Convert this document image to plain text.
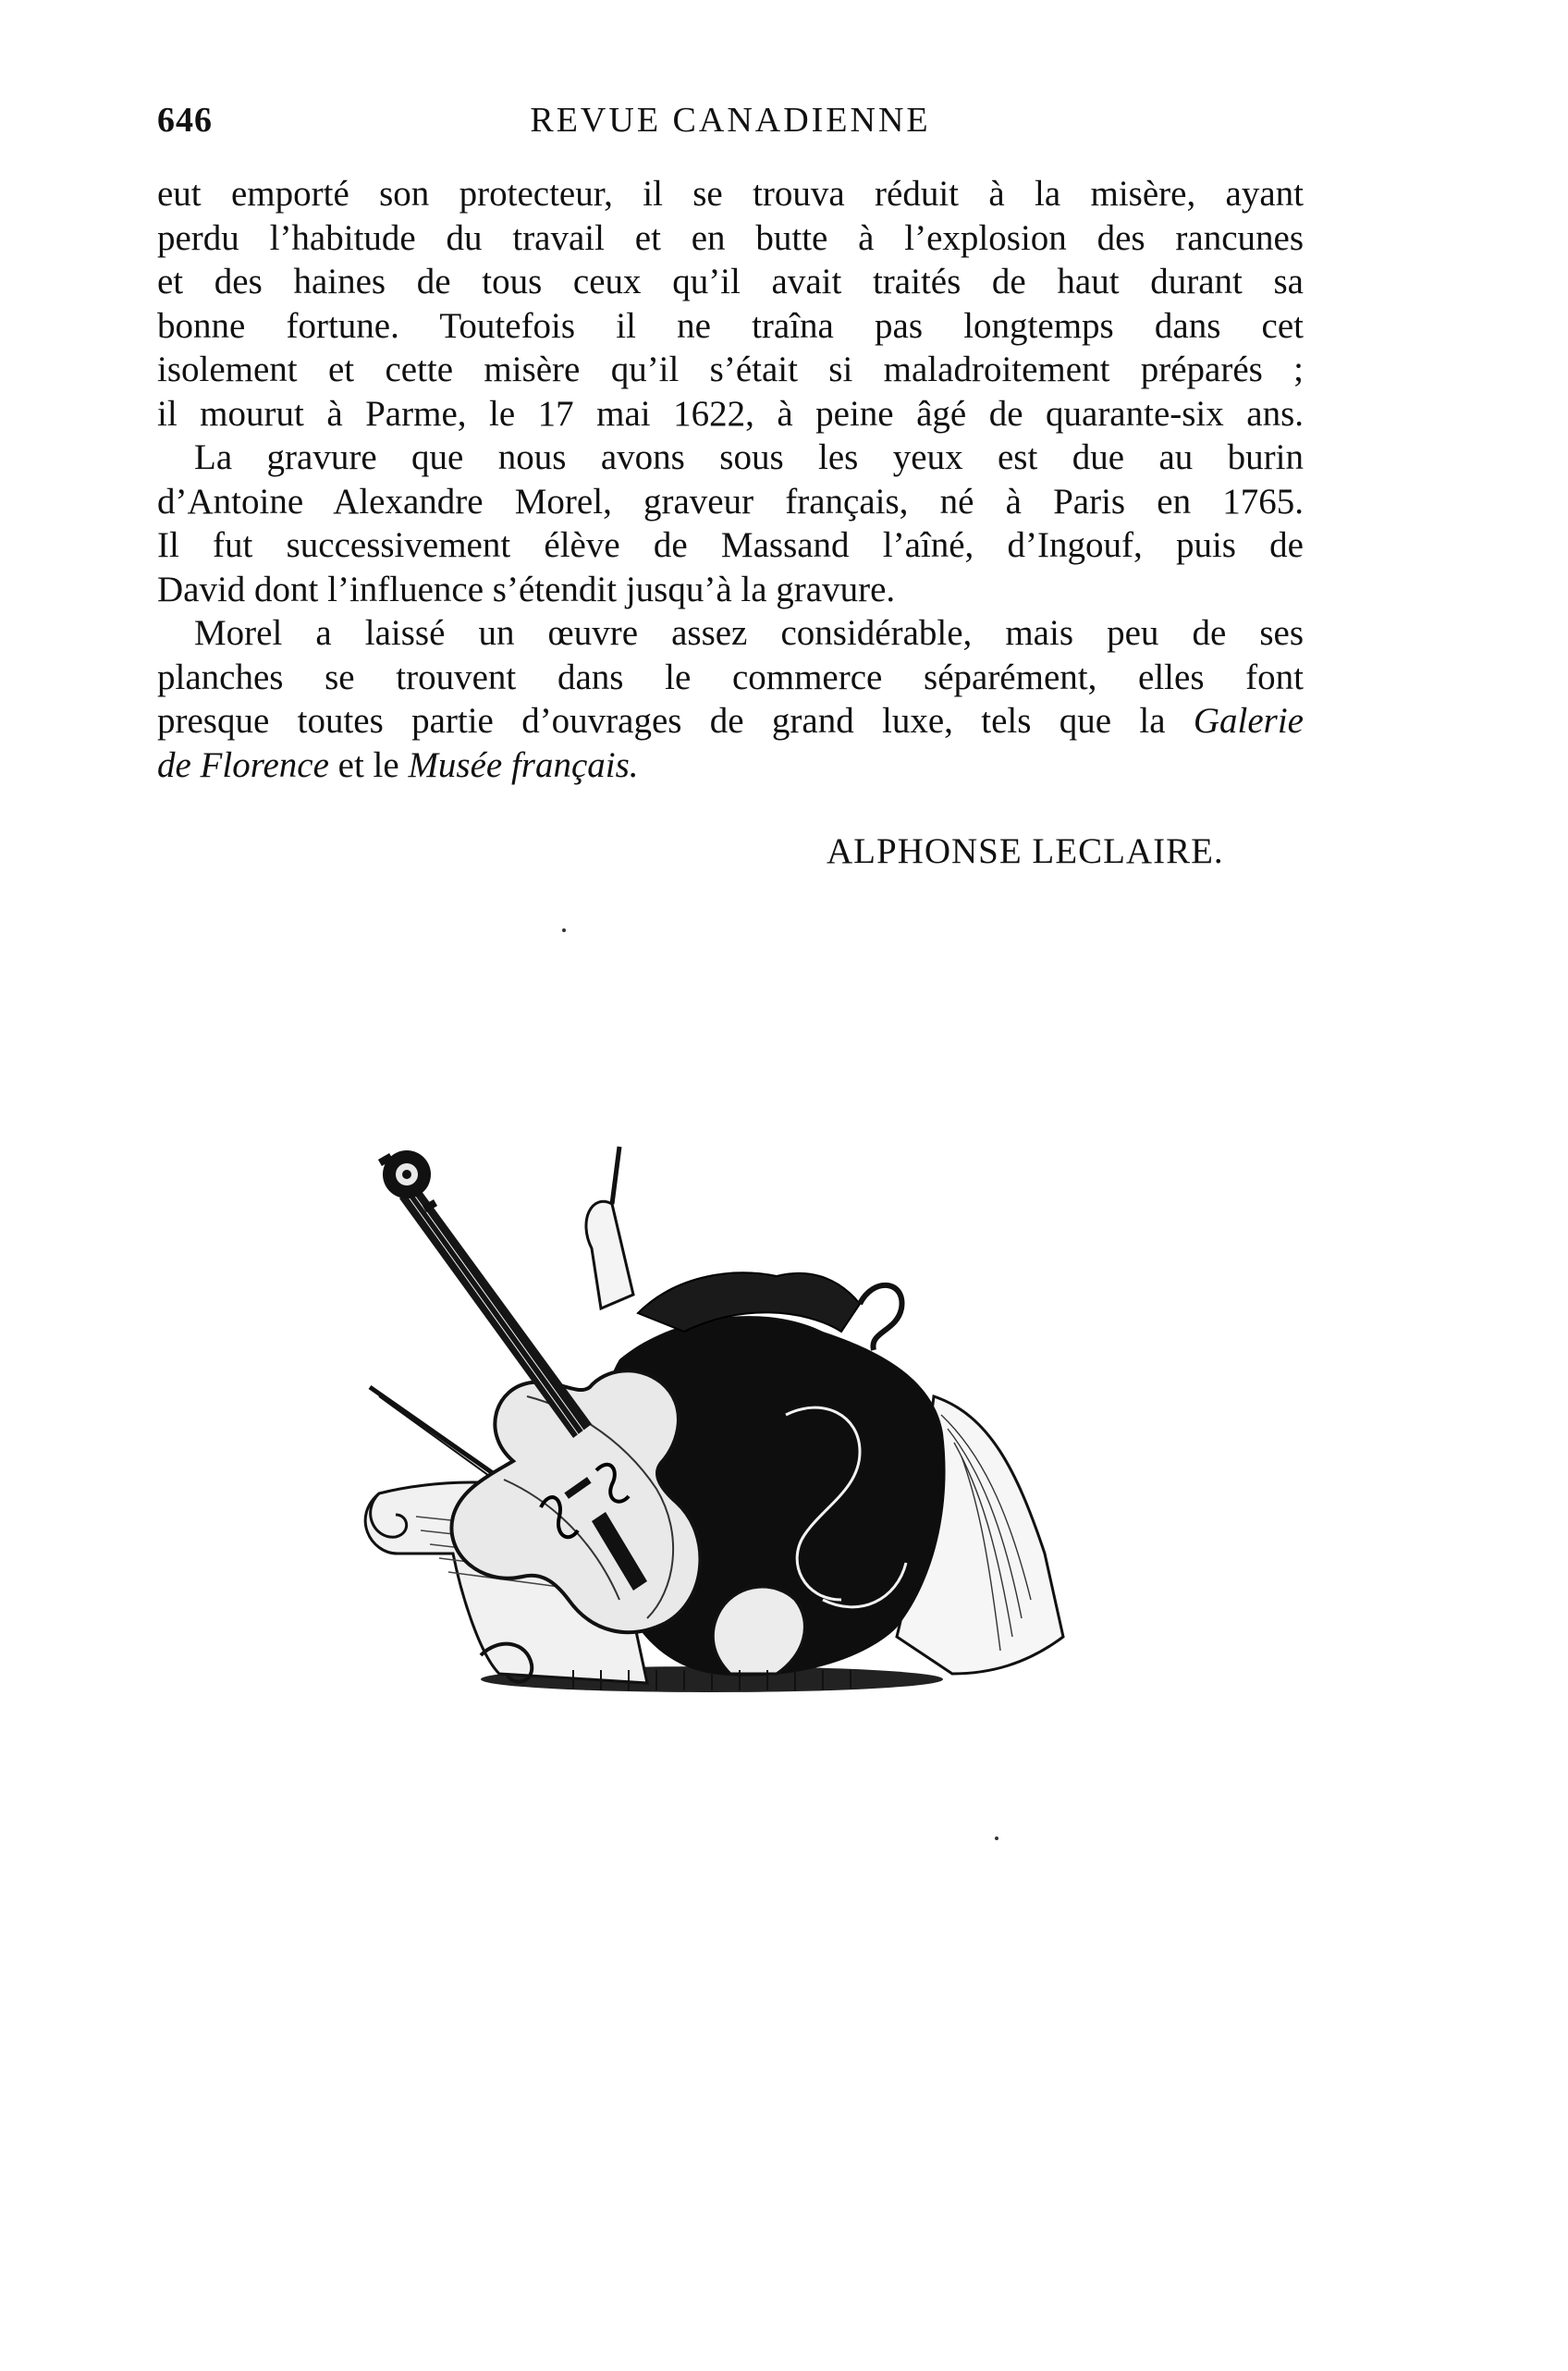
646	REVUE CANADIENNE

eut emporté son protecteur, il se trouva réduit à la misère, ayant
perdu l’habitude du travail et en butte à l’explosion des rancunes
et des haines de tous ceux qu’il avait traités de haut durant sa
bonne fortune. Toutefois il ne traîna pas longtemps dans cet
isolement et cette misère qu’il s’était si maladroitement préparés ;
il mourut à Parme, le 17 mai 1622, à peine âgé de quarante-six ans.

La gravure que nous avons sous les yeux est due au burin
d’Antoine Alexandre Morel, graveur français, né à Paris en 1765.
Il fut successivement élève de Massand l’aîné, d’Ingouf, puis de
David dont l’influence s’étendit jusqu’à la gravure.

Morel a laissé un œuvre assez considérable, mais peu de ses
planches se trouvent dans le commerce séparément, elles font
presque toutes partie d’ouvrages de grand luxe, tels que la Galerie
de Florence et le Musée français.

ALPHONSE LECLAIRE.
